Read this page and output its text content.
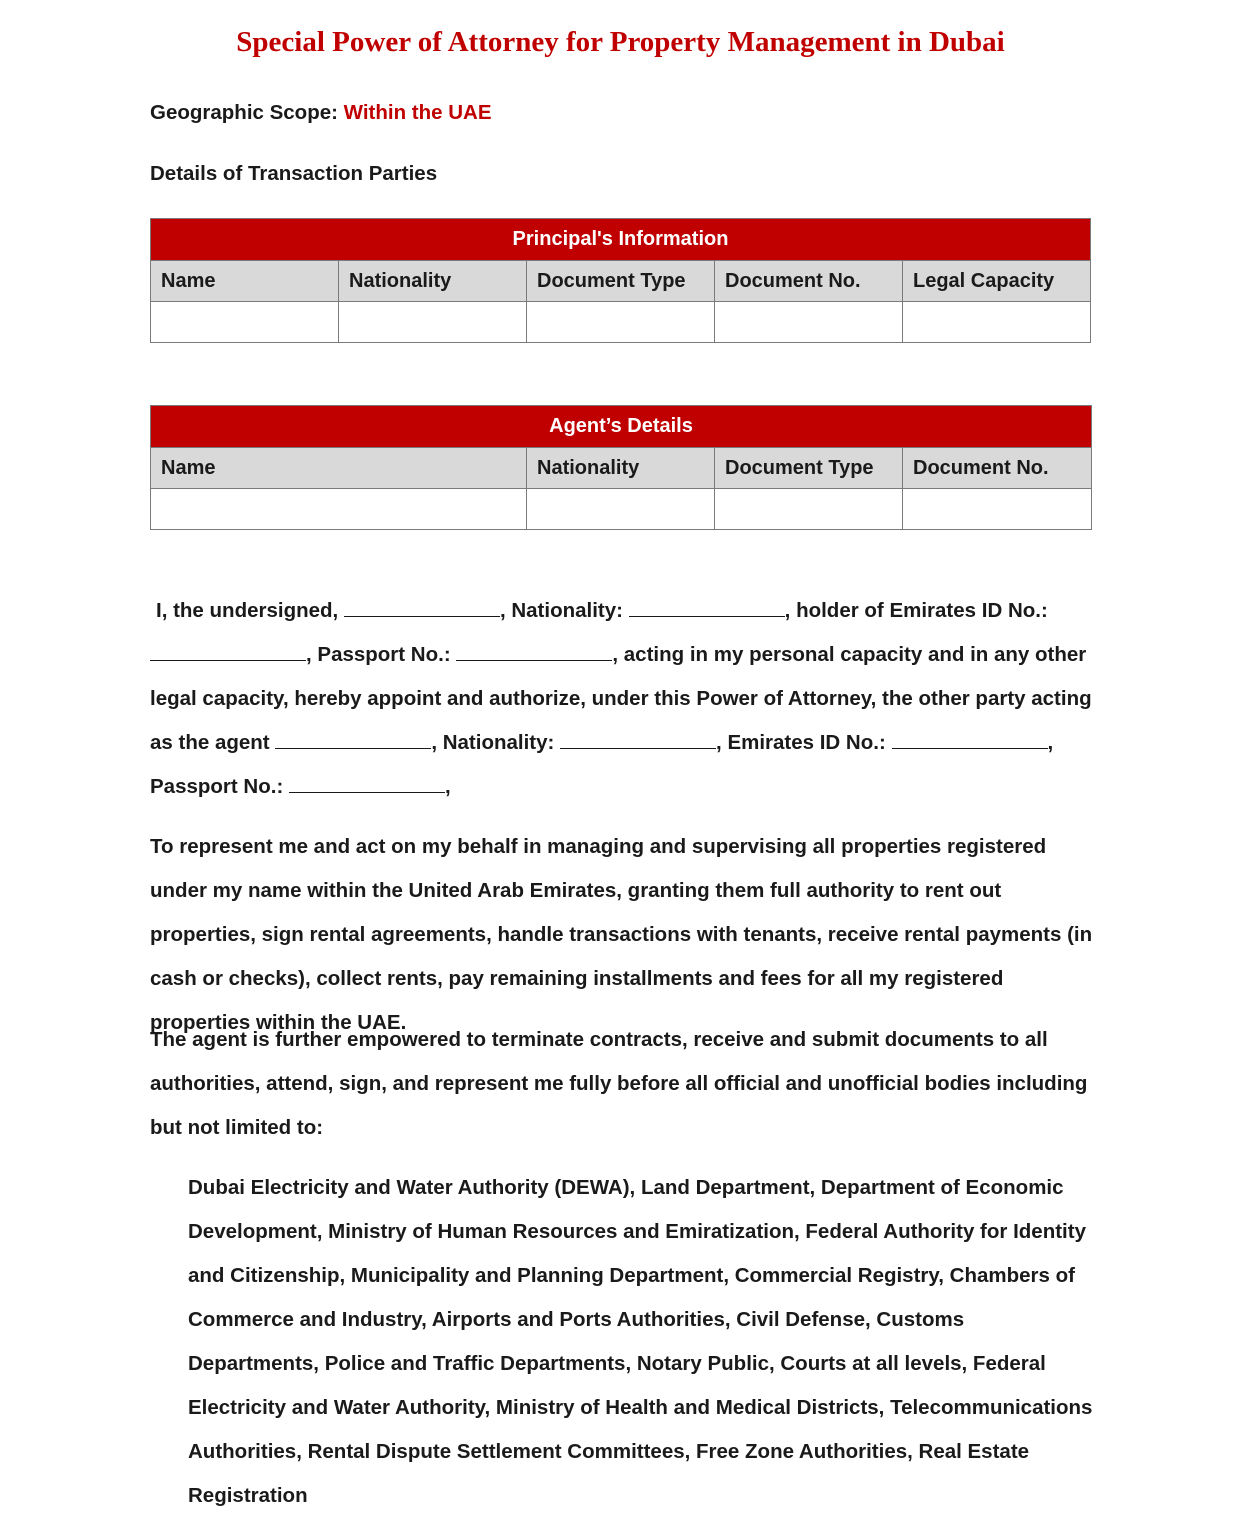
Special Power of Attorney for Property Management in Dubai
Geographic Scope: Within the UAE
Details of Transaction Parties
Principal's Information				
Name	Nationality	Document Type	Document No.	Legal Capacity

Agent’s Details			
Name	Nationality	Document Type	Document No.

I, the undersigned,	, Nationality:	, holder of Emirates ID No.: , Passport No.:	, acting in my personal capacity and in any other legal capacity, hereby appoint and authorize, under this Power of Attorney, the other party acting as the agent	, Nationality:	, Emirates ID No.:	, Passport No.:	,

To represent me and act on my behalf in managing and supervising all properties registered under my name within the United Arab Emirates, granting them full authority to rent out properties, sign rental agreements, handle transactions with tenants, receive rental payments (in cash or checks), collect rents, pay remaining installments and fees for all my registered properties within the UAE.

The agent is further empowered to terminate contracts, receive and submit documents to all authorities, attend, sign, and represent me fully before all official and unofficial bodies including but not limited to:

Dubai Electricity and Water Authority (DEWA), Land Department, Department of Economic Development, Ministry of Human Resources and Emiratization, Federal Authority for Identity and Citizenship, Municipality and Planning Department, Commercial Registry, Chambers of Commerce and Industry, Airports and Ports Authorities, Civil Defense, Customs Departments, Police and Traffic Departments, Notary Public, Courts at all levels, Federal Electricity and Water Authority, Ministry of Health and Medical Districts, Telecommunications Authorities, Rental Dispute Settlement Committees, Free Zone Authorities, Real Estate Registration
